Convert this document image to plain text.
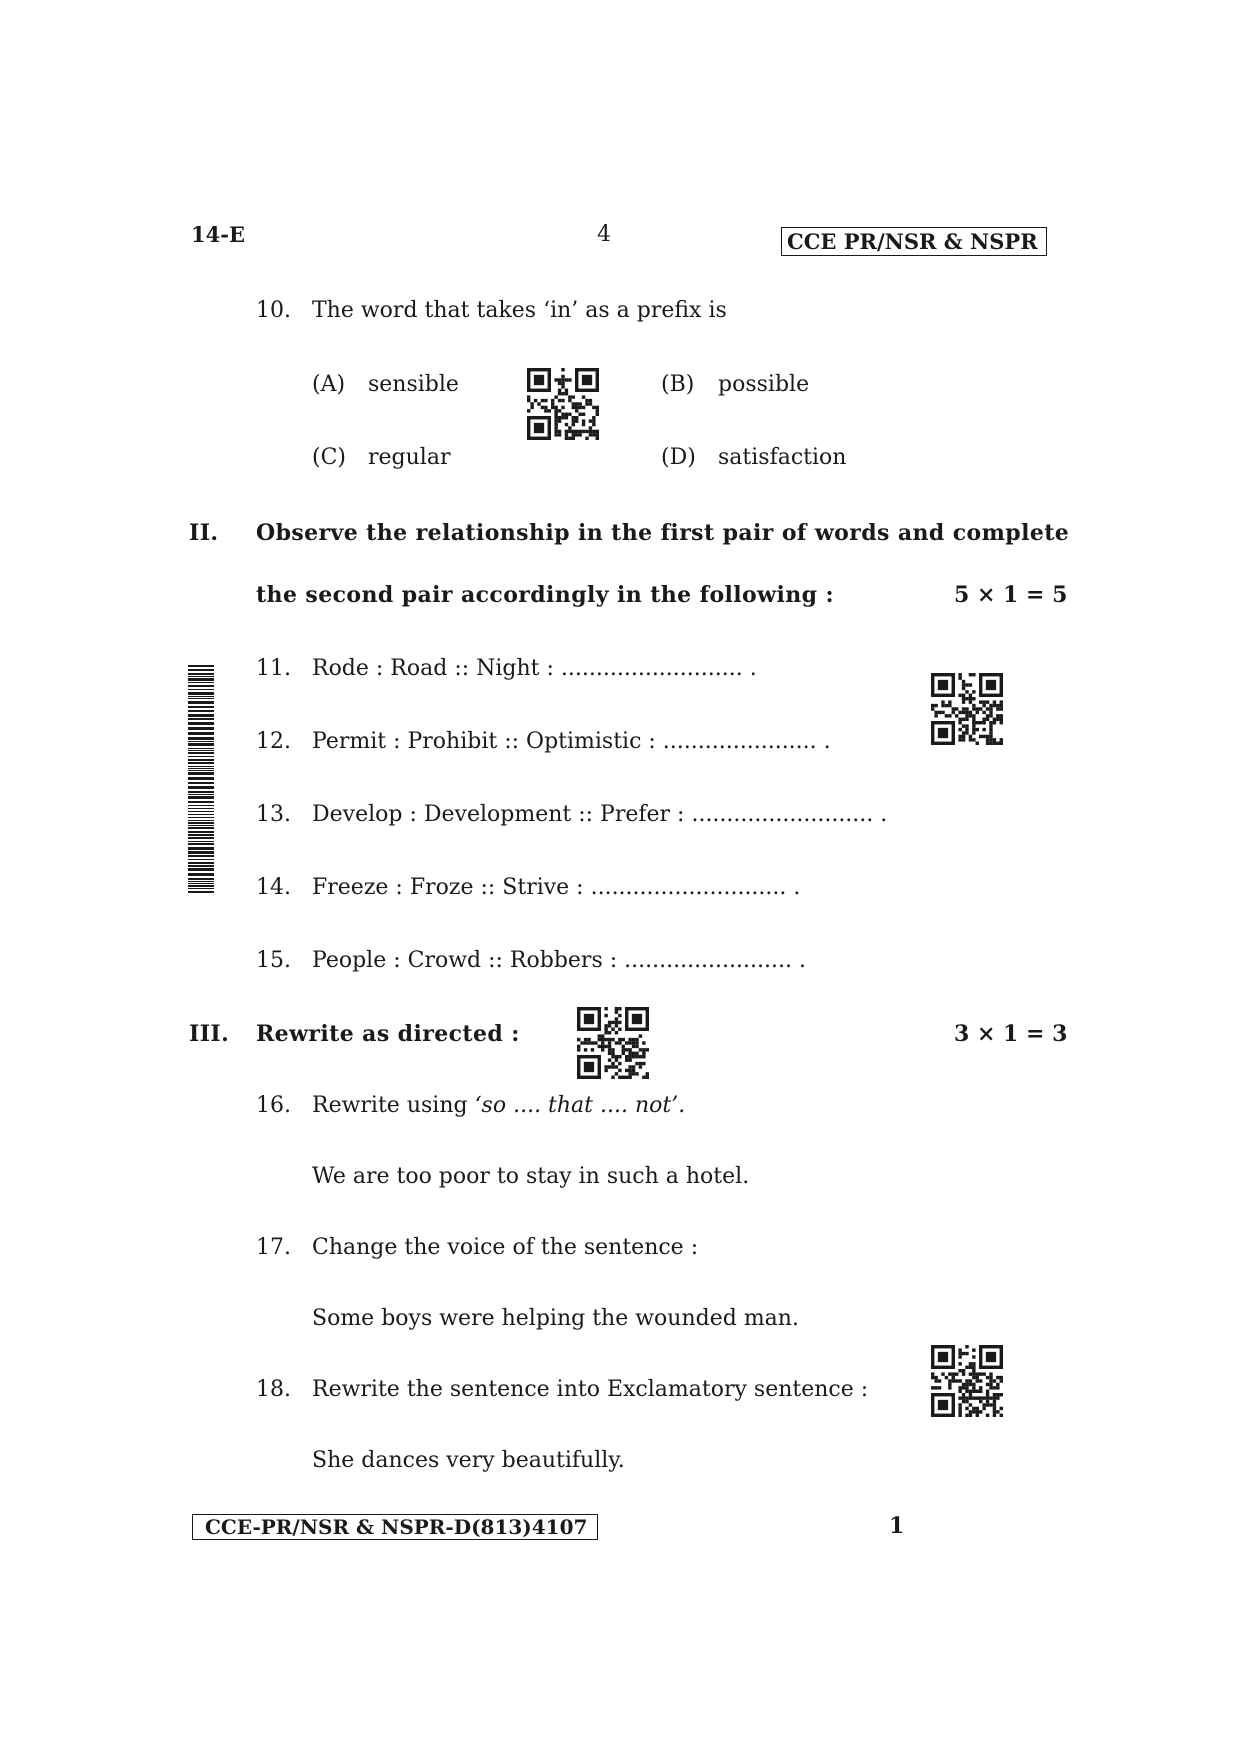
14-E	4	CCE PR/NSR & NSPR
10. The word that takes ‘in’ as a prefix is
(A) sensible	(B) possible
(C) regular	(D) satisfaction
II. Observe the relationship in the first pair of words and complete
the second pair accordingly in the following :	5 × 1 = 5
11. Rode : Road :: Night : .......................... .
12. Permit : Prohibit :: Optimistic : ...................... .
13. Develop : Development :: Prefer : .......................... .
14. Freeze : Froze :: Strive : ............................ .
15. People : Crowd :: Robbers : ........................ .
III. Rewrite as directed :	3 × 1 = 3
16. Rewrite using ‘so .... that .... not’.
We are too poor to stay in such a hotel.
17. Change the voice of the sentence :
Some boys were helping the wounded man.
18. Rewrite the sentence into Exclamatory sentence :
She dances very beautifully.
CCE-PR/NSR & NSPR-D(813)4107	1
